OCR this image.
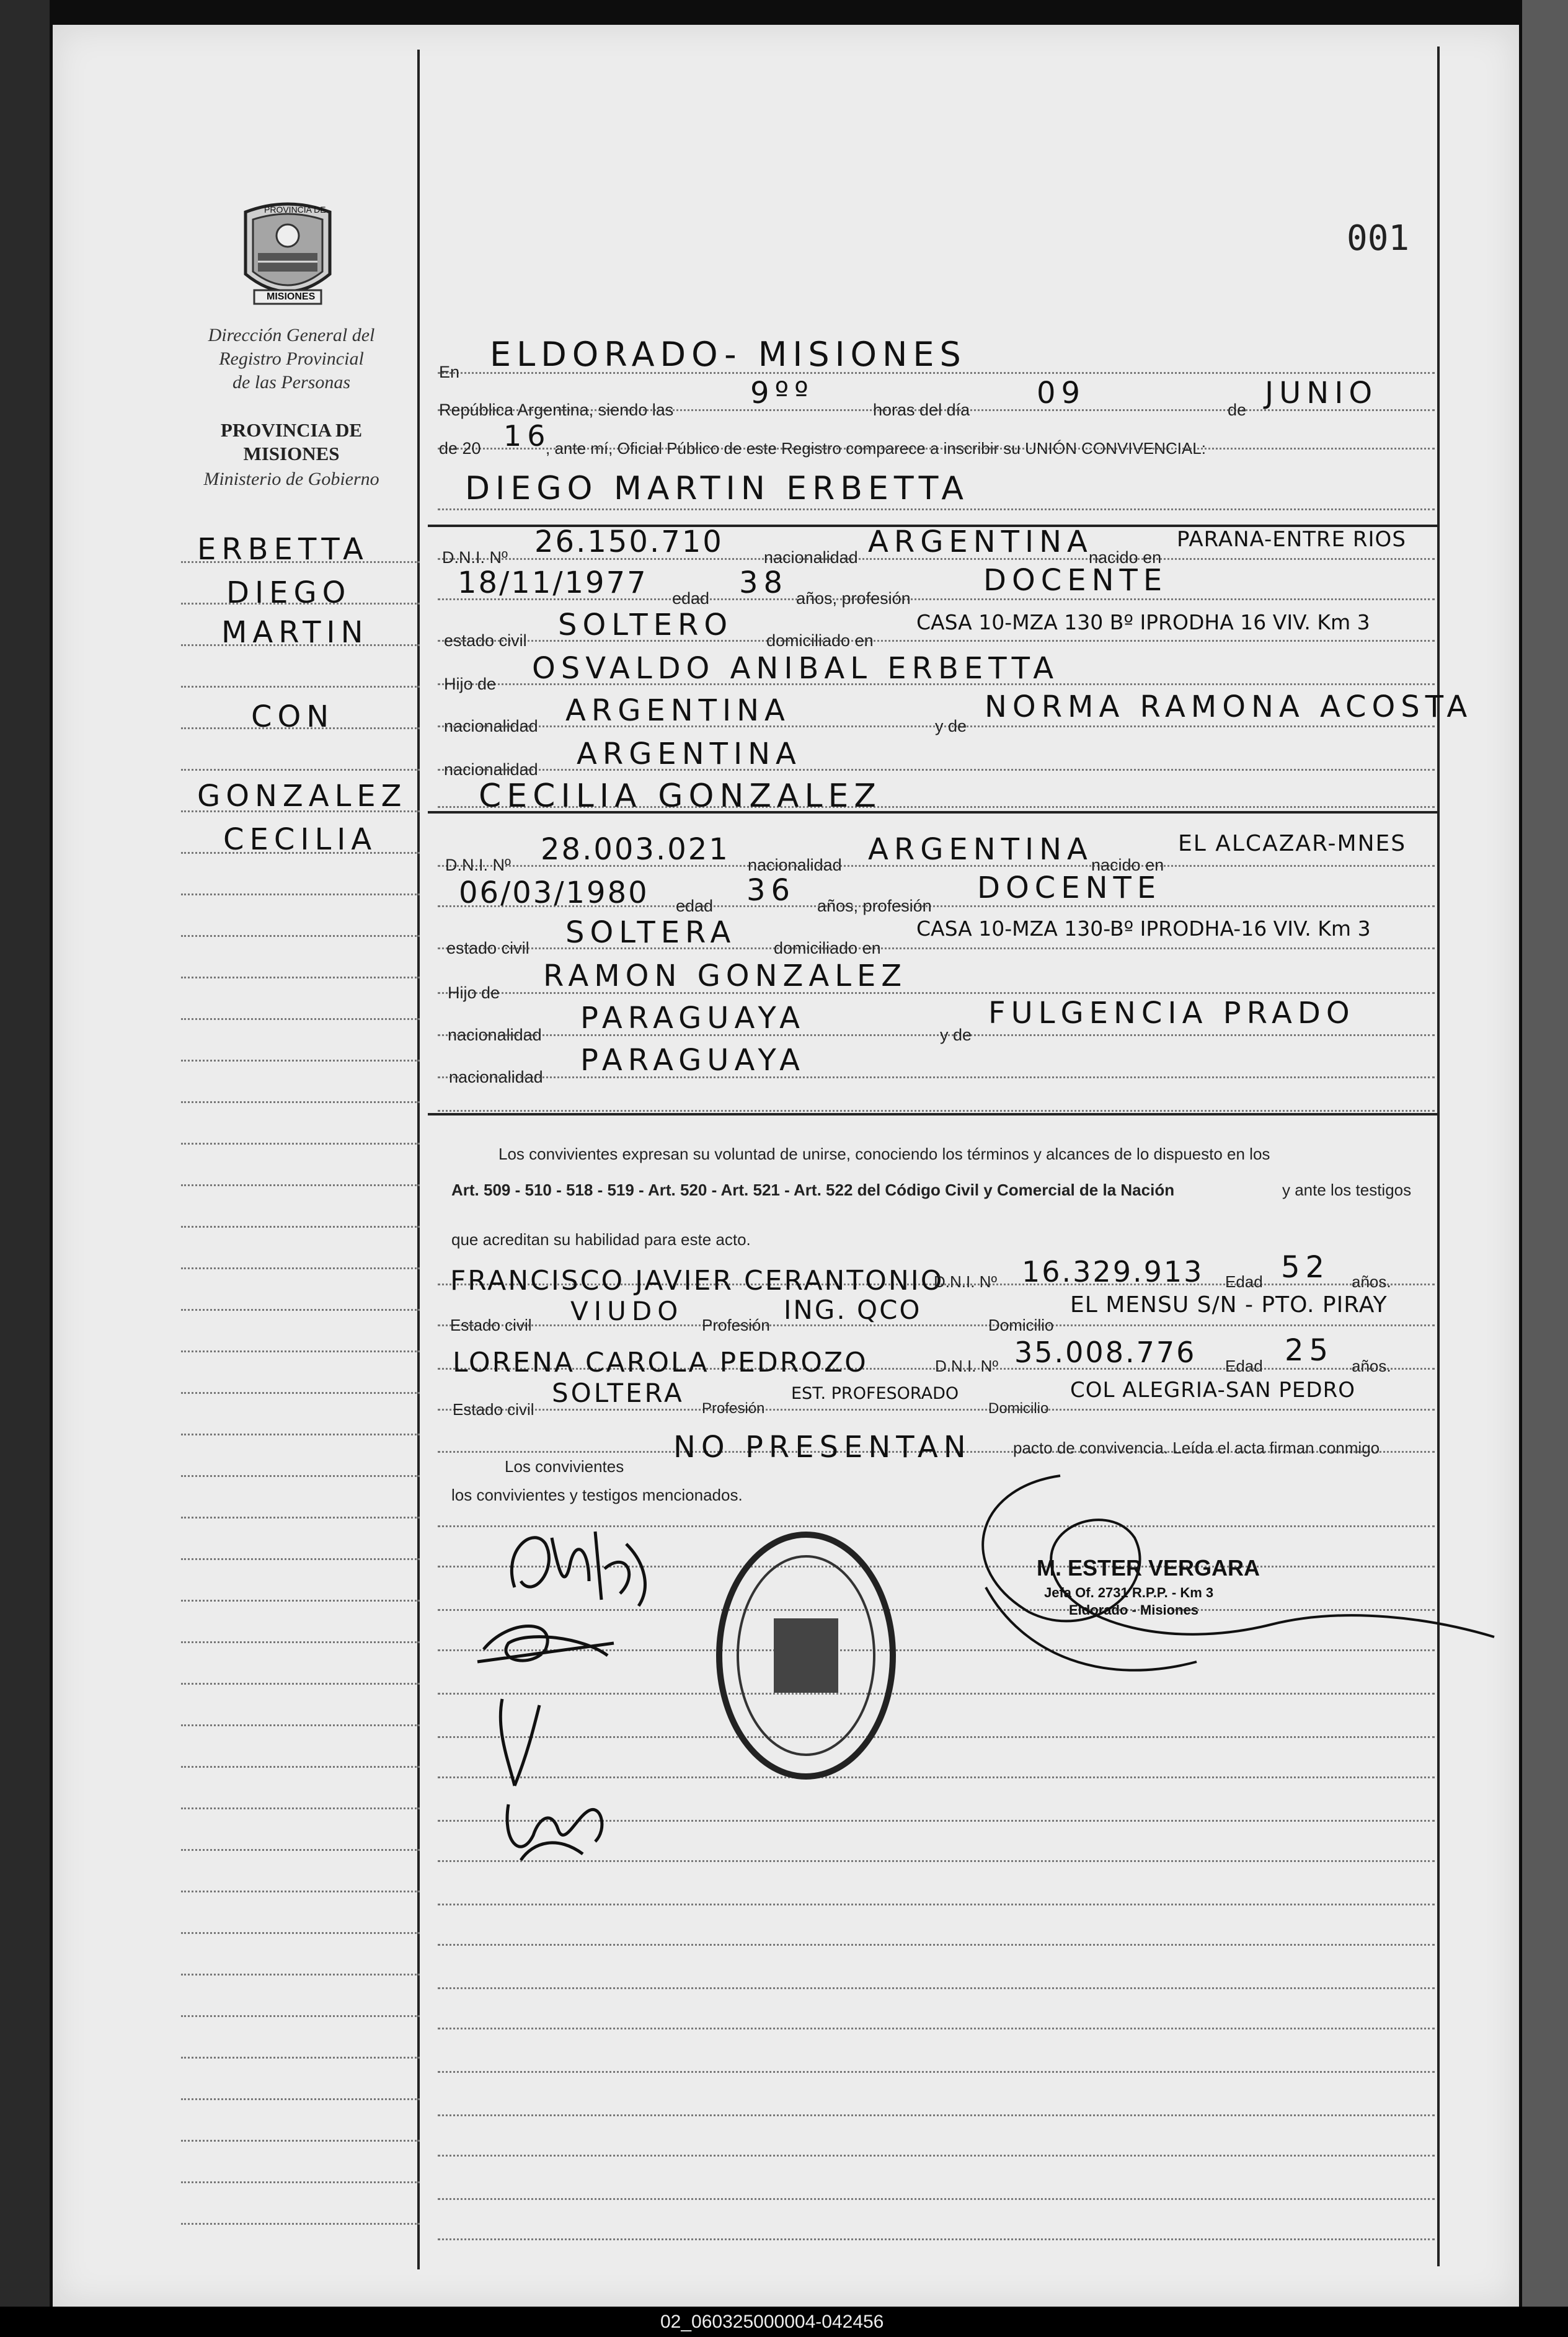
PROVINCIA DE
MISIONES
Dirección General del
Registro Provincial
de las Personas
PROVINCIA DE
MISIONES
Ministerio de Gobierno
001
ERBETTA
DIEGO
MARTIN
CON
GONZALEZ
CECILIA
En ELDORADO- MISIONES
República Argentina, siendo las	9ºº	horas del día 09	de JUNIO
de 20 16
, ante mí, Oficial Público de este Registro comparece a inscribir su UNIÓN CONVIVENCIAL:
DIEGO MARTIN ERBETTA
D.N.I. Nº 26.150.710 nacionalidad ARGENTINA
nacido en
PARANA-ENTRE RIOS
18/11/1977 edad 38 años, profesión
DOCENTE
estado civil SOLTERO domiciliado en
CASA 10-MZA 130 Bº IPRODHA 16 VIV. Km 3
Hijo de OSVALDO ANIBAL ERBETTA
nacionalidad ARGENTINA	y de
NORMA RAMONA ACOSTA
nacionalidad ARGENTINA
CECILIA GONZALEZ
D.N.I. Nº 28.003.021 nacionalidad ARGENTINA
nacido en
EL ALCAZAR-MNES
06/03/1980 edad 36 años, profesión
DOCENTE
estado civil SOLTERA domiciliado en
CASA 10-MZA 130-Bº IPRODHA-16 VIV. Km 3
Hijo de RAMON GONZALEZ
nacionalidad PARAGUAYA	y de
FULGENCIA PRADO
nacionalidad PARAGUAYA
Los convivientes expresan su voluntad de unirse, conociendo los términos y alcances de lo dispuesto en los
Art. 509 - 510 - 518 - 519 - Art. 520 - Art. 521 - Art. 522 del Código Civil y Comercial de la Nación	y ante los testigos
que acreditan su habilidad para este acto.
FRANCISCO JAVIER CERANTONIO
D.N.I. Nº 16.329.913 Edad 52 años.
Estado civil VIUDO Profesión ING. QCO	Domicilio
EL MENSU S/N - PTO. PIRAY
LORENA CAROLA PEDROZO	D.N.I. Nº 35.008.776 Edad 25 años.
Estado civil
SOLTERA
Profesión
EST. PROFESORADO
Domicilio
COL ALEGRIA-SAN PEDRO
Los convivientes
NO PRESENTAN	pacto de convivencia. Leída el acta firman conmigo
los convivientes y testigos mencionados.
M. ESTER VERGARA
Jefa Of. 2731 R.P.P. - Km 3
Eldorado - Misiones
02_060325000004-042456
